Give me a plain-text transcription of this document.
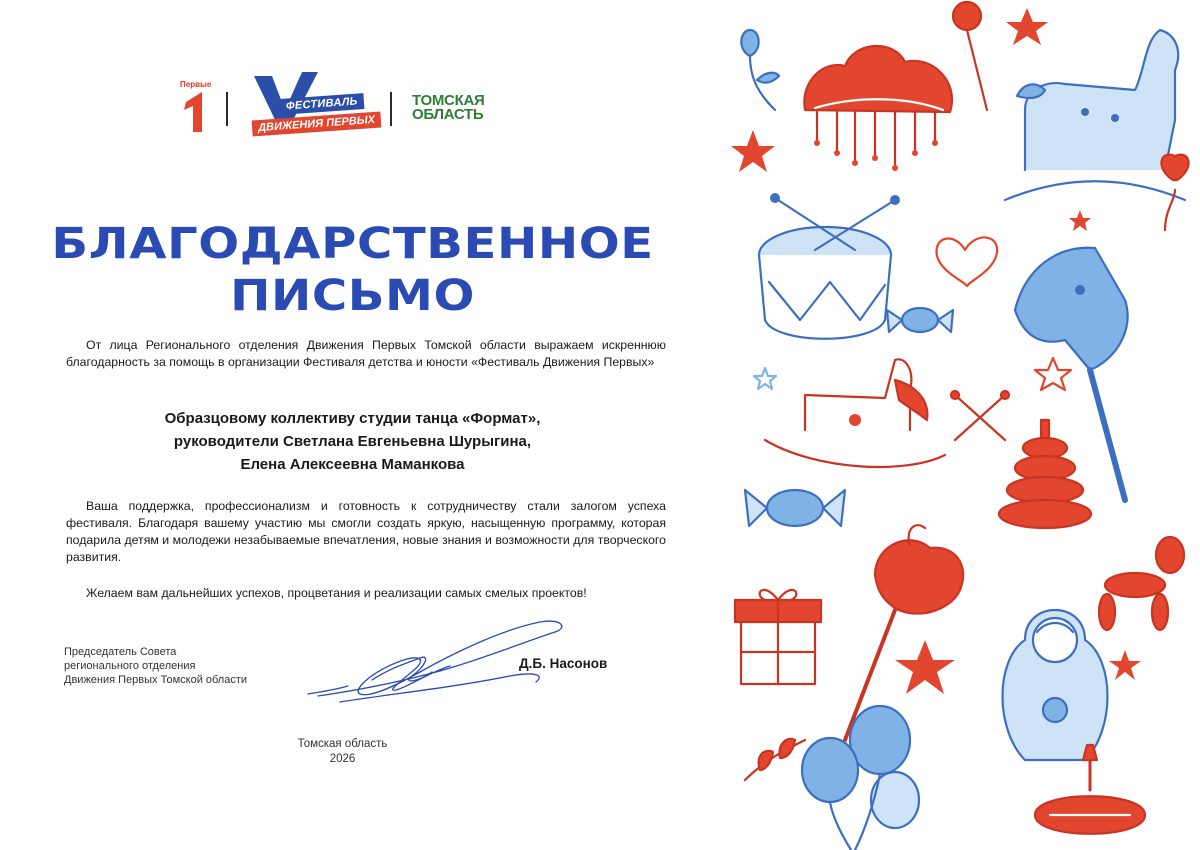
Первые
ФЕСТИВАЛЬ
ДВИЖЕНИЯ ПЕРВЫХ
ТОМСКАЯ
ОБЛАСТЬ
БЛАГОДАРСТВЕННОЕ
ПИСЬМО

От лица Регионального отделения Движения Первых Томской области выражаем искреннюю благодарность за помощь в организации Фестиваля детства и юности «Фестиваль Движения Первых»

Образцовому коллективу студии танца «Формат»,
руководители Светлана Евгеньевна Шурыгина,
Елена Алексеевна Маманкова

Ваша поддержка, профессионализм и готовность к сотрудничеству стали залогом успеха фестиваля. Благодаря вашему участию мы смогли создать яркую, насыщенную программу, которая подарила детям и молодежи незабываемые впечатления, новые знания и возможности для творческого развития.

Желаем вам дальнейших успехов, процветания и реализации самых смелых проектов!

Председатель Совета
регионального отделения
Движения Первых Томской области
Д.Б. Насонов
Томская область
2026
